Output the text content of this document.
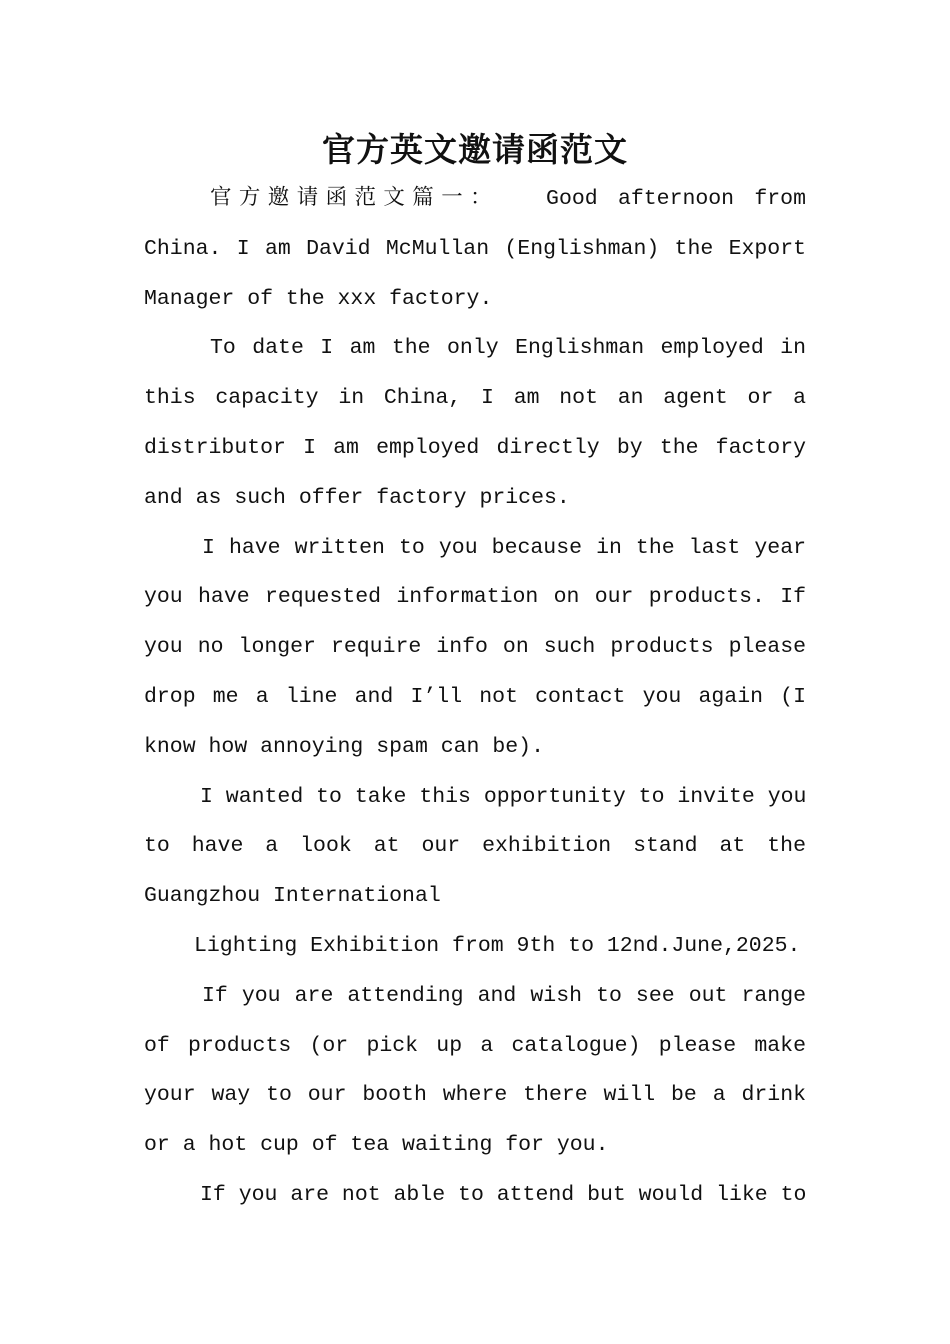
官方英文邀请函范文
官方邀请函范文篇一：　　Good afternoon from
China. I am David McMullan (Englishman) the Export
Manager of the xxx factory.
To date I am the only Englishman employed in
this capacity in China, I am not an agent or a
distributor I am employed directly by the factory
and as such offer factory prices.
I have written to you because in the last year
you have requested information on our products. If
you no longer require info on such products please
drop me a line and I’ll not contact you again (I
know how annoying spam can be).
I wanted to take this opportunity to invite you
to have a look at our exhibition stand at the
Guangzhou International
Lighting Exhibition from 9th to 12nd.June,2025.
If you are attending and wish to see out range
of products (or pick up a catalogue) please make
your way to our booth where there will be a drink
or a hot cup of tea waiting for you.
If you are not able to attend but would like to
